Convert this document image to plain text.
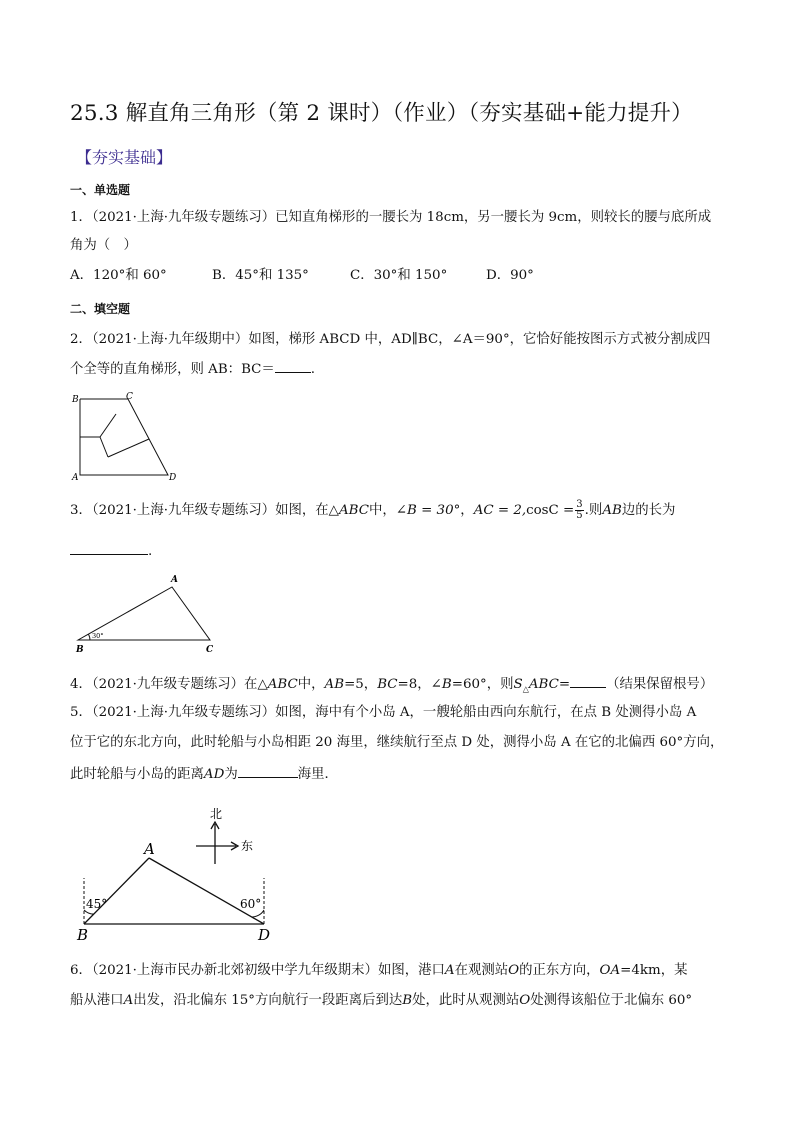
25.3 解直角三角形（第 2 课时）（作业）（夯实基础+能力提升）
【夯实基础】
一、单选题
1．（2021·上海·九年级专题练习）已知直角梯形的一腰长为 18cm，另一腰长为 9cm，则较长的腰与底所成
角为（　）
A．120°和 60°	B．45°和 135°	C．30°和 150°	D．90°
二、填空题
2．（2021·上海·九年级期中）如图，梯形 ABCD 中，AD∥BC，∠A＝90°，它恰好能按图示方式被分割成四
个全等的直角梯形，则 AB：BC＝	.
B	C
A	D
3．（2021·上海·九年级专题练习）如图，在△ABC中，∠B = 30°，AC = $2,\cos C = \frac{3}{5}$ .则AB边的长为
.
A
B	C
30°
4．（2021·九年级专题练习）在△ABC中，AB=5，BC=8，∠B=60°，则$S_\triangle ABC=$	（结果保留根号）
5．（2021·上海·九年级专题练习）如图，海中有个小岛 A，一艘轮船由西向东航行，在点 B 处测得小岛 A
位于它的东北方向，此时轮船与小岛相距 20 海里，继续航行至点 D 处，测得小岛 A 在它的北偏西 60°方向，
此时轮船与小岛的距离AD为	海里．
北
东
A
B	D
45°	60°
6．（2021·上海市民办新北郊初级中学九年级期末）如图，港口A在观测站O的正东方向，OA=4km，某
船从港口A出发，沿北偏东 15°方向航行一段距离后到达B处，此时从观测站O处测得该船位于北偏东 60°
